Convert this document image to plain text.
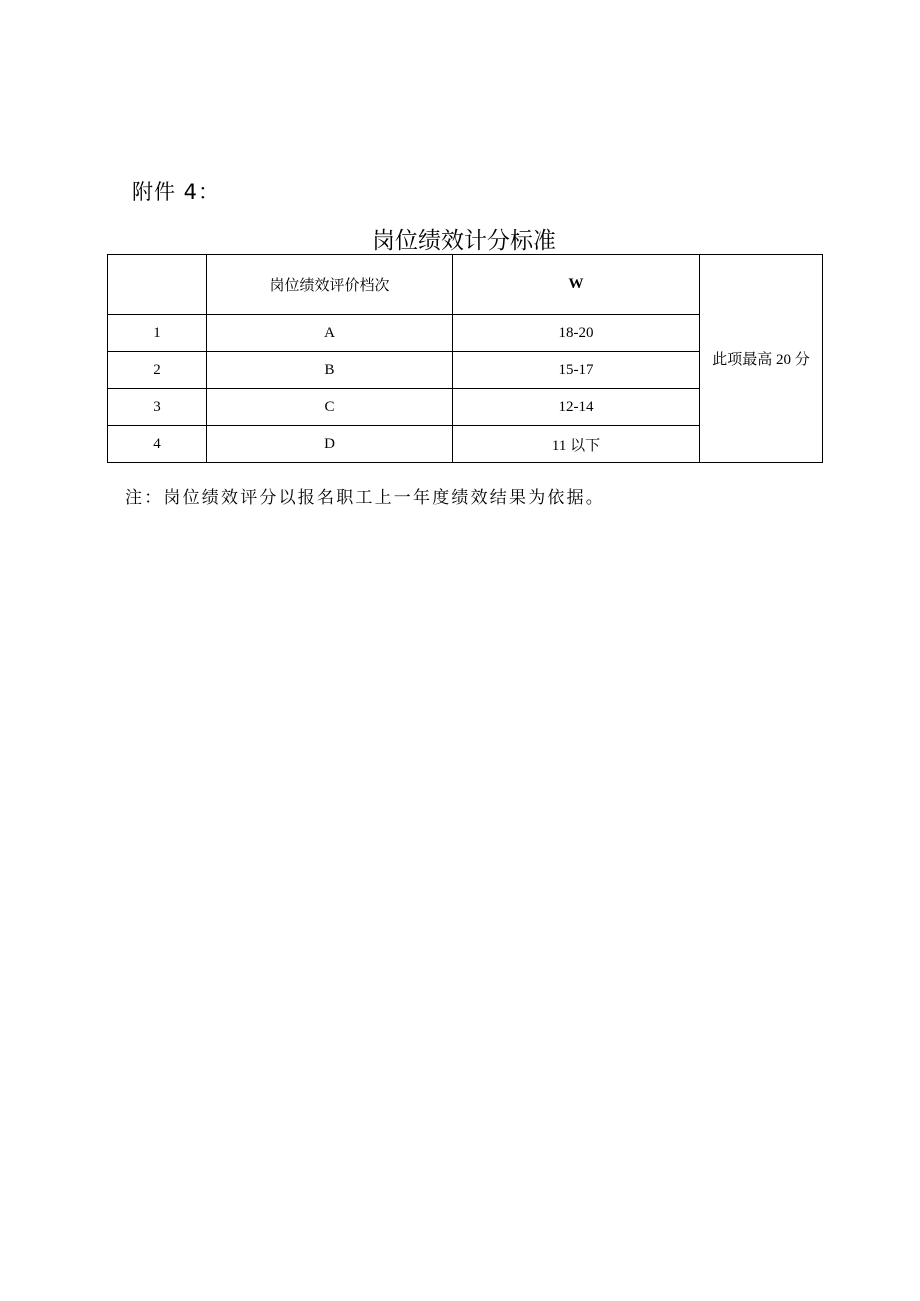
附件 4：
岗位绩效计分标准
	岗位绩效评价档次	W	此项最高 20 分
1	A	18-20	
2	B	15-17	
3	C	12-14	
4	D	11 以下	
注：岗位绩效评分以报名职工上一年度绩效结果为依据。
